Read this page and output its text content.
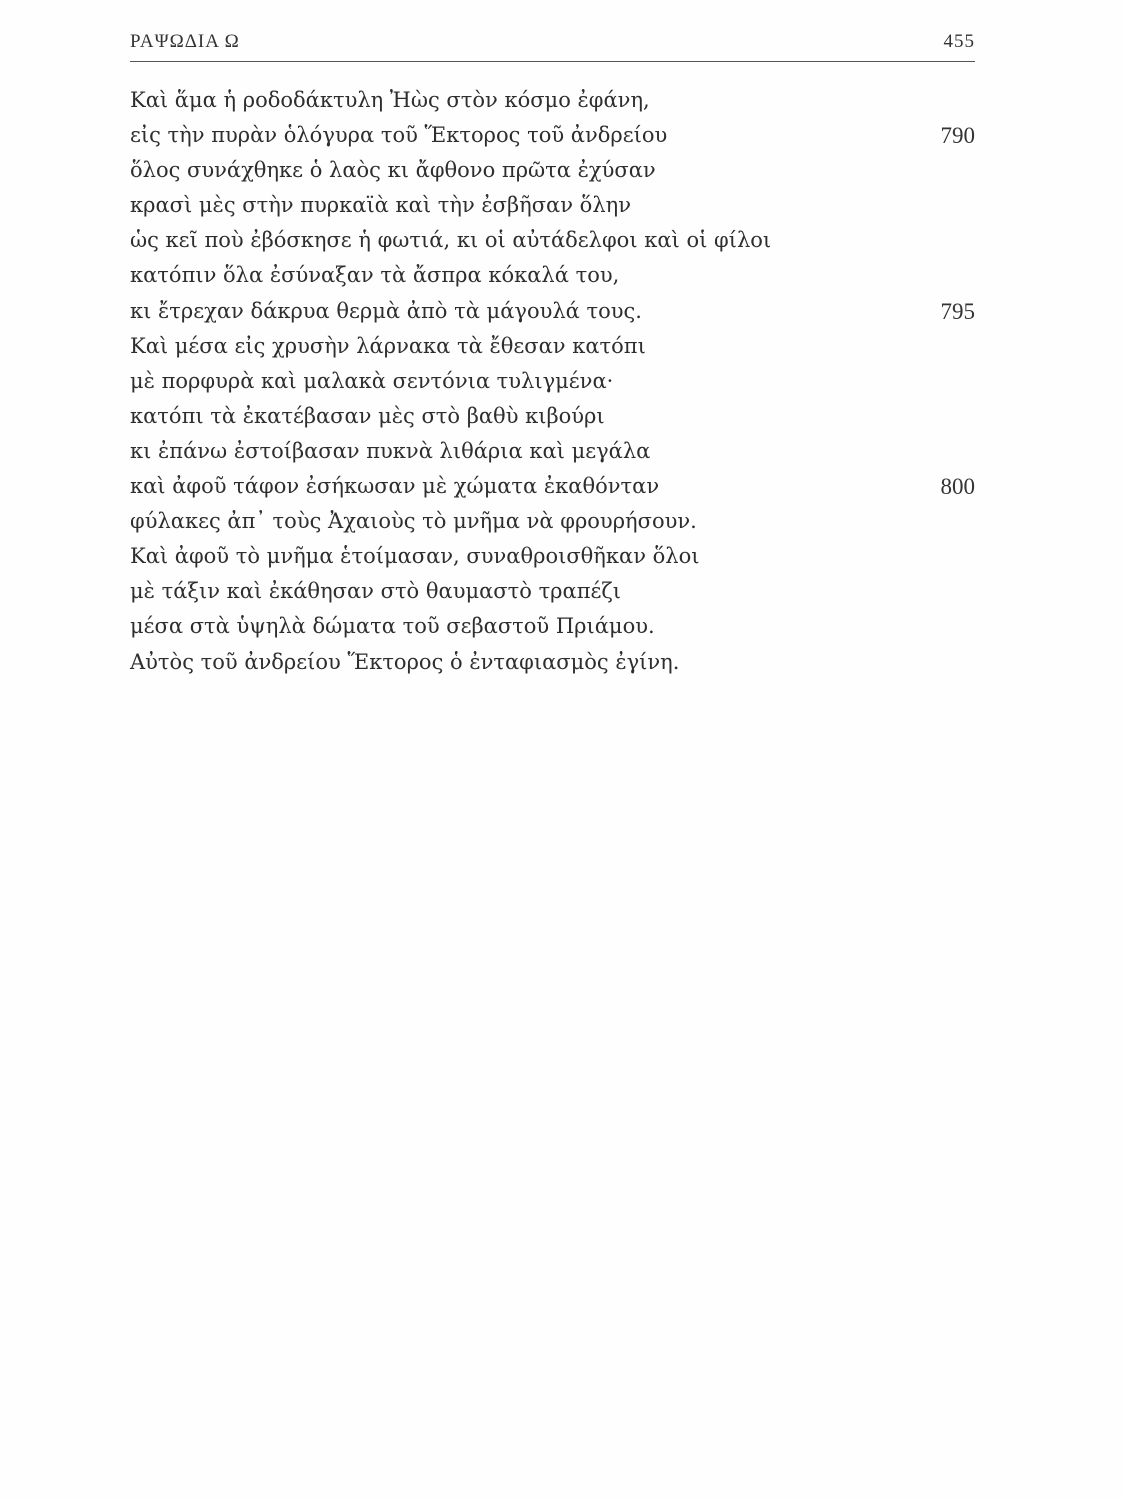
ΡΑΨΩΔΙΑ Ω	455
Καὶ ἅμα ἡ ροδοδάκτυλη Ἠὼς στὸν κόσμο ἐφάνη,
εἰς τὴν πυρὰν ὁλόγυρα τοῦ Ἕκτορος τοῦ ἀνδρείου	790
ὅλος συνάχθηκε ὁ λαὸς κι ἄφθονο πρῶτα ἐχύσαν
κρασὶ μὲς στὴν πυρκαϊὰ καὶ τὴν ἐσβῆσαν ὅλην
ὡς κεῖ ποὺ ἐβόσκησε ἡ φωτιά, κι οἱ αὐτάδελφοι καὶ οἱ φίλοι
κατόπιν ὅλα ἐσύναξαν τὰ ἄσπρα κόκαλά του,
κι ἔτρεχαν δάκρυα θερμὰ ἀπὸ τὰ μάγουλά τους.	795
Καὶ μέσα εἰς χρυσὴν λάρνακα τὰ ἔθεσαν κατόπι
μὲ πορφυρὰ καὶ μαλακὰ σεντόνια τυλιγμένα·
κατόπι τὰ ἐκατέβασαν μὲς στὸ βαθὺ κιβούρι
κι ἐπάνω ἐστοίβασαν πυκνὰ λιθάρια καὶ μεγάλα
καὶ ἀφοῦ τάφον ἐσήκωσαν μὲ χώματα ἐκαθόνταν	800
φύλακες ἀπ᾽ τοὺς Ἀχαιοὺς τὸ μνῆμα νὰ φρουρήσουν.
Καὶ ἀφοῦ τὸ μνῆμα ἑτοίμασαν, συναθροισθῆκαν ὅλοι
μὲ τάξιν καὶ ἐκάθησαν στὸ θαυμαστὸ τραπέζι
μέσα στὰ ὑψηλὰ δώματα τοῦ σεβαστοῦ Πριάμου.
Αὐτὸς τοῦ ἀνδρείου Ἕκτορος ὁ ἐνταφιασμὸς ἐγίνη.
